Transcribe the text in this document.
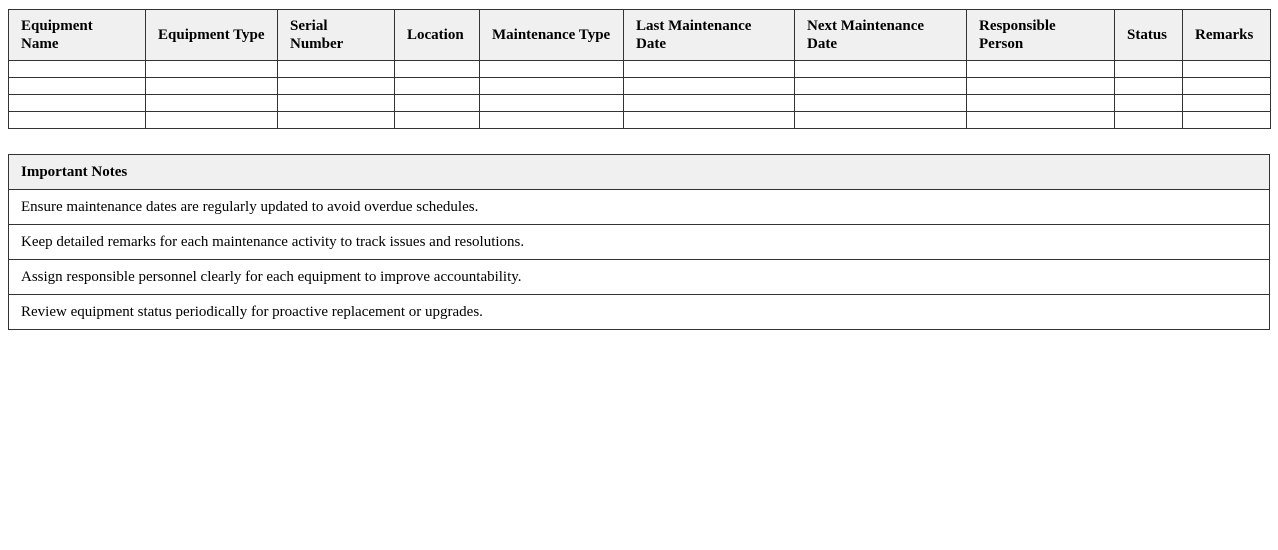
Equipment Name	Equipment Type	Serial Number	Location	Maintenance Type	Last Maintenance Date	Next Maintenance Date	Responsible Person	Status	Remarks

Important Notes
Ensure maintenance dates are regularly updated to avoid overdue schedules.
Keep detailed remarks for each maintenance activity to track issues and resolutions.
Assign responsible personnel clearly for each equipment to improve accountability.
Review equipment status periodically for proactive replacement or upgrades.
